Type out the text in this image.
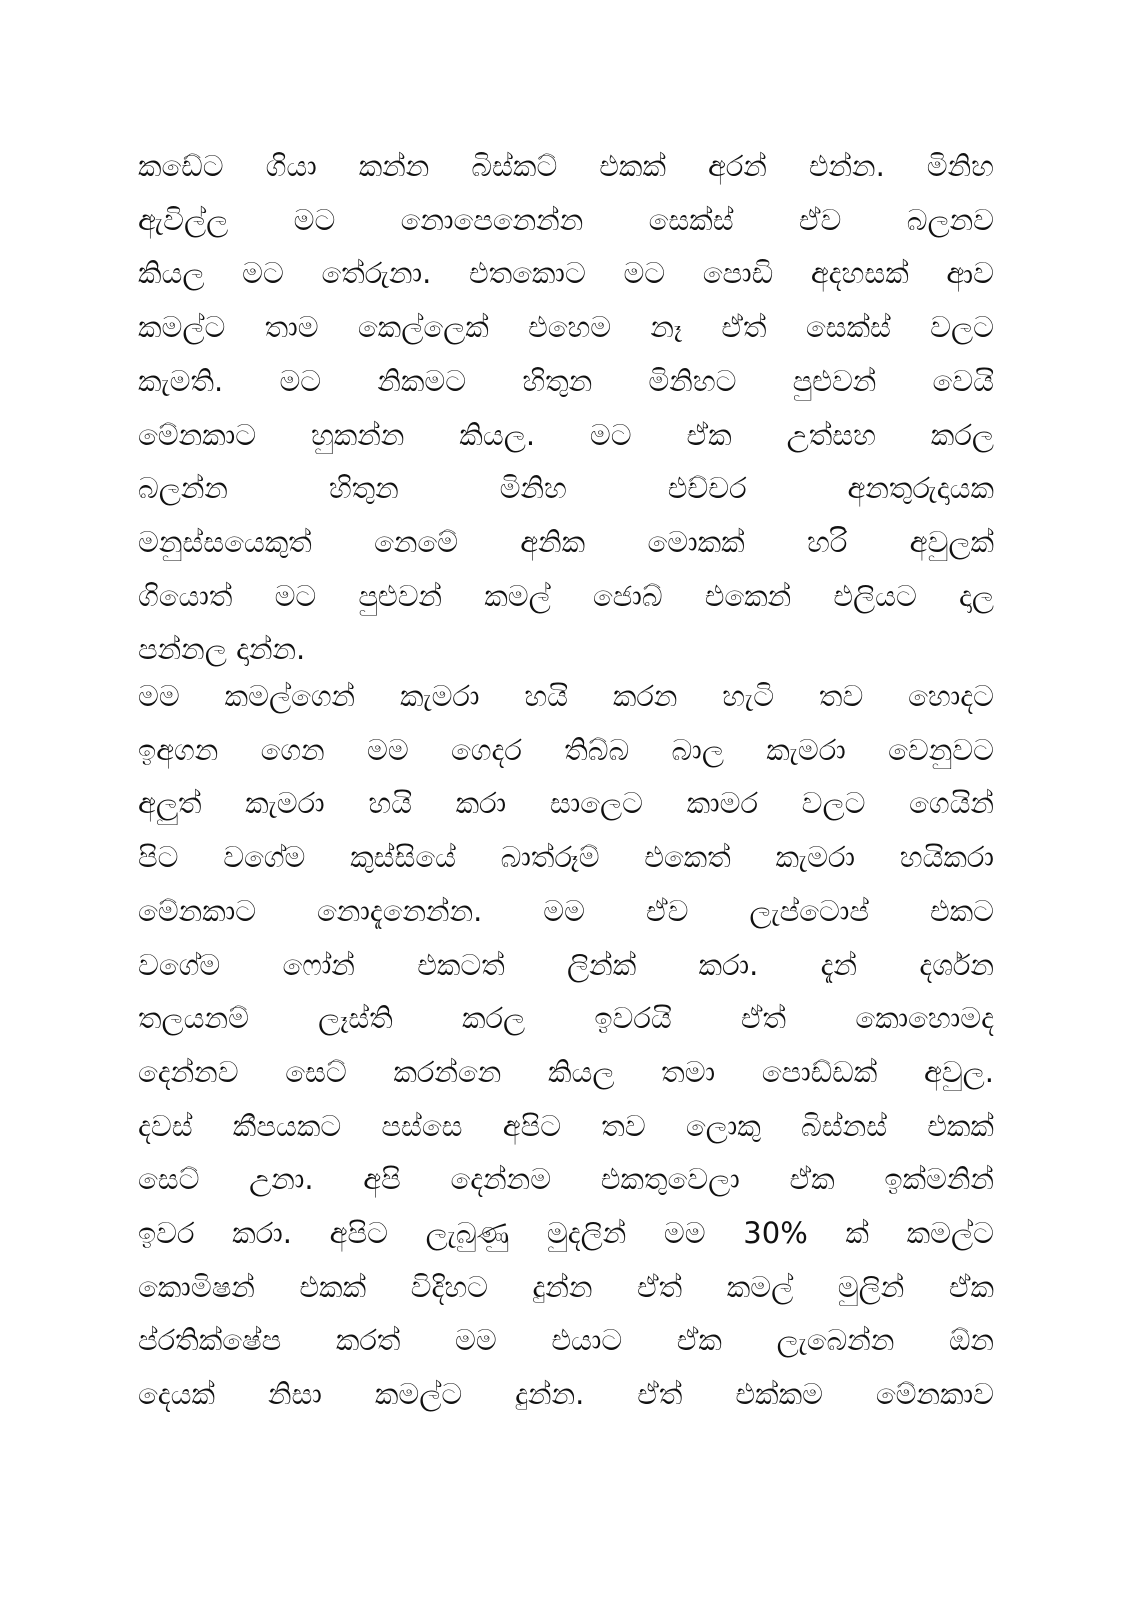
කඩේට ගියා කන්න බිස්කට් එකක් අරන් එන්න. මිනිහ
ඇවිල්ල මට නොපෙනෙන්න සෙක්ස් ඒව බලනව
කියල මට තේරුනා. එතකොට මට පොඩි අදහසක් ආව
කමල්ට තාම කෙල්ලෙක් එහෙම නෑ ඒත් සෙක්ස් වලට
කැමති. මට නිකමට හිතුන මිනිහට පුළුවන් වෙයි
මේනකාට හුකන්න කියල. මට ඒක උත්සහ කරල
බලන්න හිතුන මිනිහ එච්චර අනතුරුදායක
මනුස්සයෙකුත් නෙමේ අනික මොකක් හරි අවුලක්
ගියොත් මට පුළුවන් කමල් ජොබ් එකෙන් එලියට දාල
පන්නල දාන්න.
මම කමල්ගෙන් කැමරා හයි කරන හැටි තව හොදට
ඉඅගන ගෙන මම ගෙදර තිබ්බ බාල කැමරා වෙනුවට
අලුත් කැමරා හයි කරා සාලෙට කාමර වලට ගෙයින්
පිට වගේම කුස්සියේ බාත්රූම් එකෙත් කැමරා හයිකරා
මේනකාට නොදැනෙන්න. මම ඒව ලැප්ටොප් එකට
වගේම ෆෝන් එකටත් ලින්ක් කරා. දැන් දර්ශන
තලයනම් ලෑස්ති කරල ඉවරයි ඒත් කොහොමද
දෙන්නව සෙට් කරන්නෙ කියල තමා පොඩ්ඩක් අවුල.
දවස් කීපයකට පස්සෙ අපිට තව ලොකු බිස්නස් එකක්
සෙට් උනා. අපි දෙන්නම එකතුවෙලා ඒක ඉක්මනින්
ඉවර කරා. අපිට ලැබුණු මුදලින් මම 30% ක් කමල්ට
කොමිෂන් එකක් විදිහට දුන්න ඒත් කමල් මුලින් ඒක
ප්රතික්ෂේප කරත් මම එයාට ඒක ලැබෙන්න ඕන
දෙයක් නිසා කමල්ට දුන්න. ඒත් එක්කම මේනකාව
